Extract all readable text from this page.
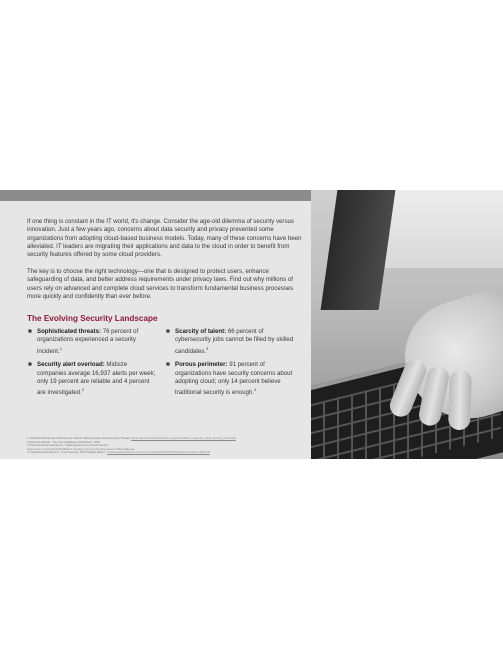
If one thing is constant in the IT world, it's change. Consider the age-old dilemma of security versus innovation. Just a few years ago, concerns about data security and privacy prevented some organizations from adopting cloud-based business models. Today, many of these concerns have been alleviated. IT leaders are migrating their applications and data to the cloud in order to benefit from security features offered by some cloud providers.

The key is to choose the right technology—one that is designed to protect users, enhance safeguarding of data, and better address requirements under privacy laws. Find out why millions of users rely on advanced and complete cloud services to transform fundamental business processes more quickly and confidently than ever before.

The Evolving Security Landscape
■ Sophisticated threats: 76 percent of organizations experienced a security incident.$^1$
■ Security alert overload: Midsize companies average 16,937 alerts per week; only 19 percent are reliable and 4 percent are investigated.$^2$
■ Scarcity of talent: 66 percent of cybersecurity jobs cannot be filled by skilled candidates.$^3$
■ Porous perimeter: 91 percent of organizations have security concerns about adopting cloud; only 14 percent believe traditional security is enough.$^4$
1 "Southland Enterprises 2016 Security Outlook: Meeting Today's Evolving Cyber Threats" barracuda.com/assets/docs/white_papers/southland_enterprise_2016_security_outlook.pdf
2 Ponemon Institute, "The Cost of Malware Containment," 2015.
3 Cisco Annual Security Report, "Tightening the Cost of Cloud Security"
blogs.cisco.com/security/2016/08/talent-shortage-cybersecurity-jobs-remain-unfilled-skills-gap
4 Crowd Research Partners, "Cloud Security: 2016 Spotlight Report," crowdresearchpartners.com/wp-content/uploads/2016/06/Cloud-Security-Report-2016.pdf
